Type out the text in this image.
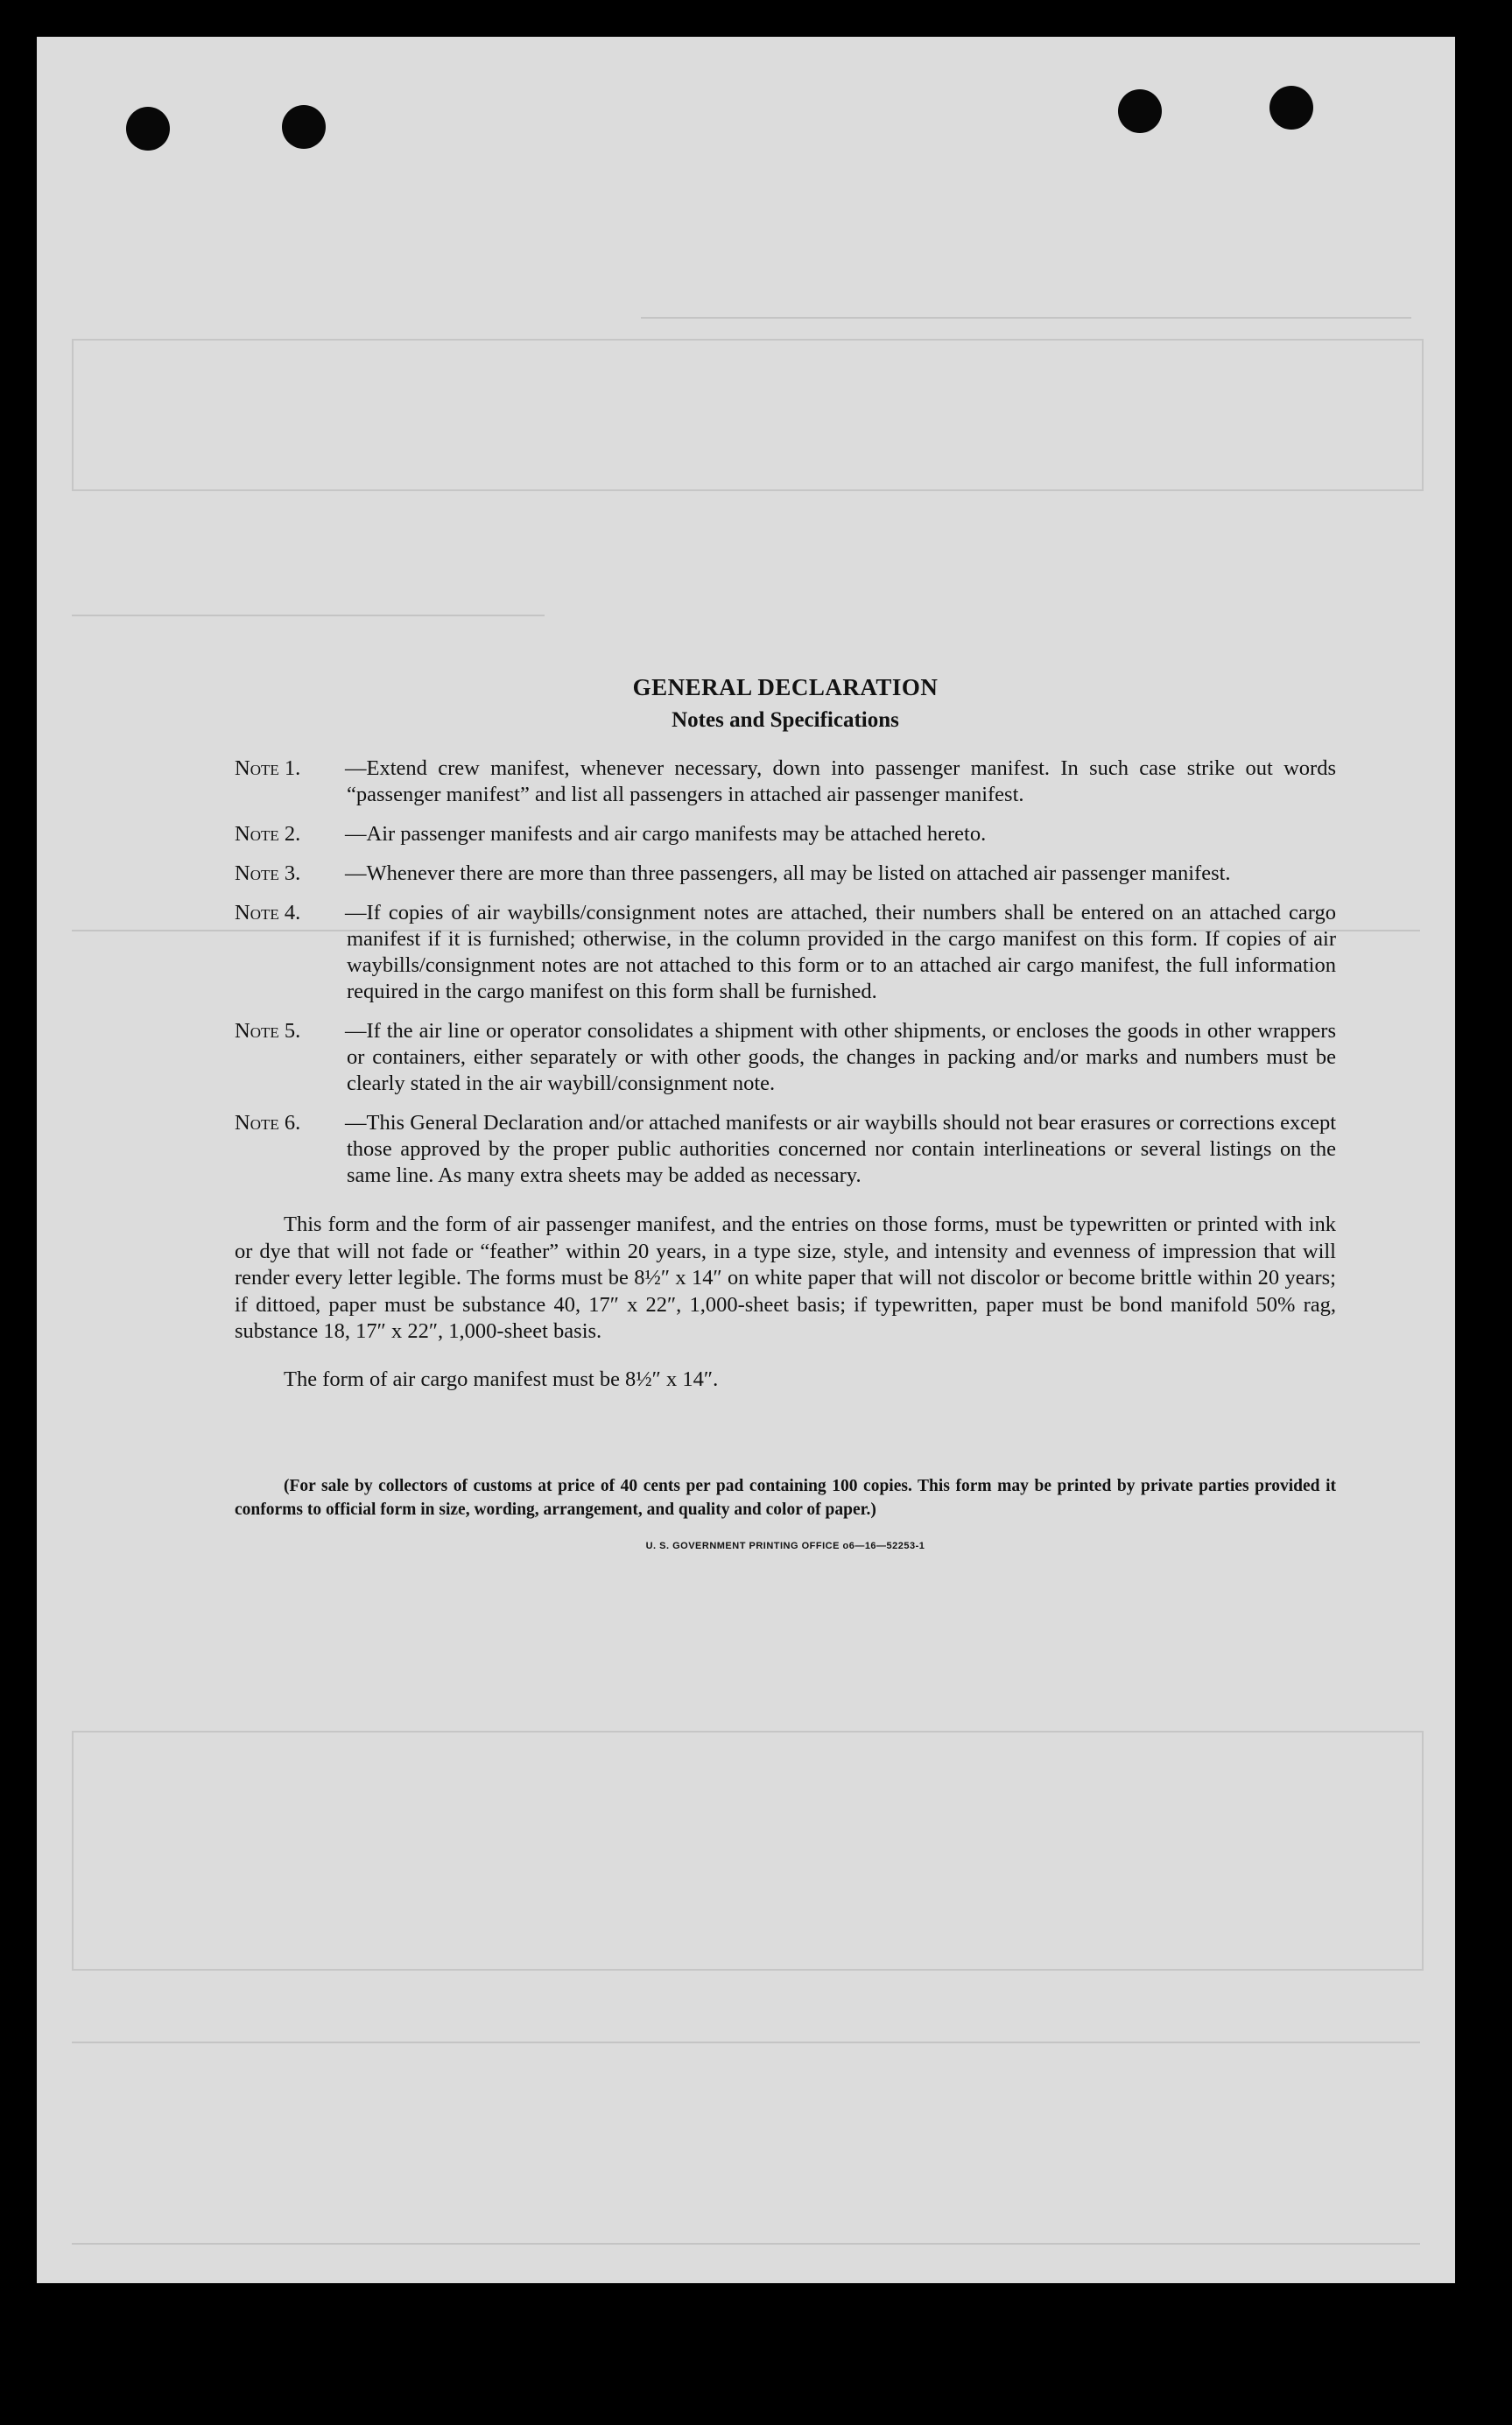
GENERAL DECLARATION
Notes and Specifications
Note 1.	—Extend crew manifest, whenever necessary, down into passenger manifest. In such case strike out words “passenger manifest” and list all passengers in attached air passenger manifest.
Note 2.	—Air passenger manifests and air cargo manifests may be attached hereto.
Note 3.	—Whenever there are more than three passengers, all may be listed on attached air passenger manifest.
Note 4.	—If copies of air waybills/consignment notes are attached, their numbers shall be entered on an attached cargo manifest if it is furnished; otherwise, in the column provided in the cargo manifest on this form. If copies of air waybills/consignment notes are not attached to this form or to an attached air cargo manifest, the full information required in the cargo manifest on this form shall be furnished.
Note 5.	—If the air line or operator consolidates a shipment with other shipments, or encloses the goods in other wrappers or containers, either separately or with other goods, the changes in packing and/or marks and numbers must be clearly stated in the air waybill/consignment note.
Note 6.	—This General Declaration and/or attached manifests or air waybills should not bear erasures or corrections except those approved by the proper public authorities concerned nor contain interlineations or several listings on the same line. As many extra sheets may be added as necessary.

This form and the form of air passenger manifest, and the entries on those forms, must be typewritten or printed with ink or dye that will not fade or “feather” within 20 years, in a type size, style, and intensity and evenness of impression that will render every letter legible. The forms must be 8½″ x 14″ on white paper that will not discolor or become brittle within 20 years; if dittoed, paper must be substance 40, 17″ x 22″, 1,000-sheet basis; if typewritten, paper must be bond manifold 50% rag, substance 18, 17″ x 22″, 1,000-sheet basis.

The form of air cargo manifest must be 8½″ x 14″.

(For sale by collectors of customs at price of 40 cents per pad containing 100 copies. This form may be printed by private parties provided it conforms to official form in size, wording, arrangement, and quality and color of paper.)

U. S. GOVERNMENT PRINTING OFFICE o6—16—52253-1
